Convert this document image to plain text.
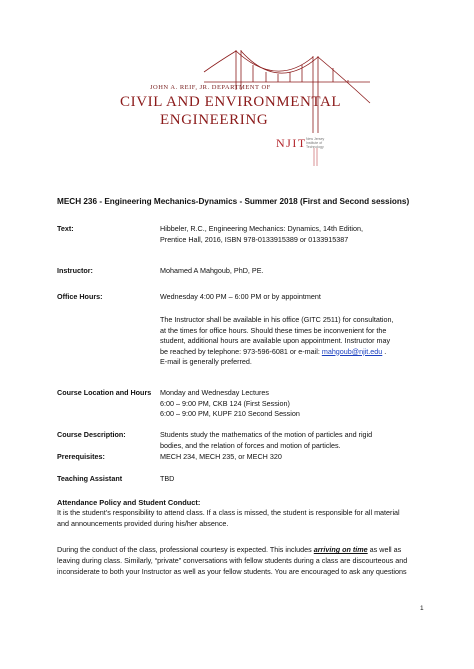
JOHN A. REIF, JR. DEPARTMENT OF
CIVIL AND ENVIRONMENTAL
ENGINEERING
NJIT New Jersey Institute of Technology
MECH 236 - Engineering Mechanics-Dynamics - Summer 2018 (First and Second sessions)
Text:	Hibbeler, R.C., Engineering Mechanics: Dynamics, 14th Edition,
Prentice Hall, 2016, ISBN 978-0133915389 or 0133915387
Instructor:	Mohamed A Mahgoub, PhD, PE.
Office Hours:	Wednesday 4:00 PM – 6:00 PM or by appointment
The Instructor shall be available in his office (GITC 2511) for consultation,
at the times for office hours. Should these times be inconvenient for the
student, additional hours are available upon appointment. Instructor may
be reached by telephone: 973-596-6081 or e-mail: mahgoub@njit.edu .
E-mail is generally preferred.
Course Location and Hours Monday and Wednesday Lectures
6:00 – 9:00 PM, CKB 124 (First Session)
6:00 – 9:00 PM, KUPF 210 Second Session
Course Description:	Students study the mathematics of the motion of particles and rigid
bodies, and the relation of forces and motion of particles.
Prerequisites:	MECH 234, MECH 235, or MECH 320
Teaching Assistant	TBD
Attendance Policy and Student Conduct:
It is the student’s responsibility to attend class. If a class is missed, the student is responsible for all material
and announcements provided during his/her absence.
During the conduct of the class, professional courtesy is expected. This includes arriving on time as well as
leaving during class. Similarly, “private” conversations with fellow students during a class are discourteous and
inconsiderate to both your Instructor as well as your fellow students. You are encouraged to ask any questions
1
